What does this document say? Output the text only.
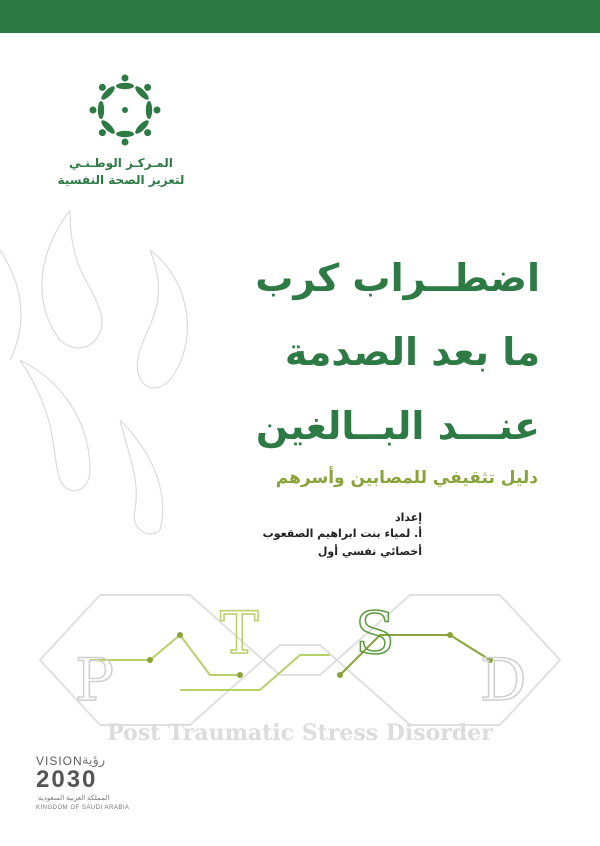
المـركـز الوطـنـي
لتعزيز الصحة النفسية
اضطــراب كرب
ما بعد الصدمة
عنـــد البــالغين
دليل تثقيفي للمصابين وأسرهم
إعداد
أ. لمياء بنت ابراهيم الصقعوب
أخصائي نفسي أول
P
T S
D
Post Traumatic Stress Disorder
VISION رؤية
2030
المملكة العربية السعودية
KINGDOM OF SAUDI ARABIA
